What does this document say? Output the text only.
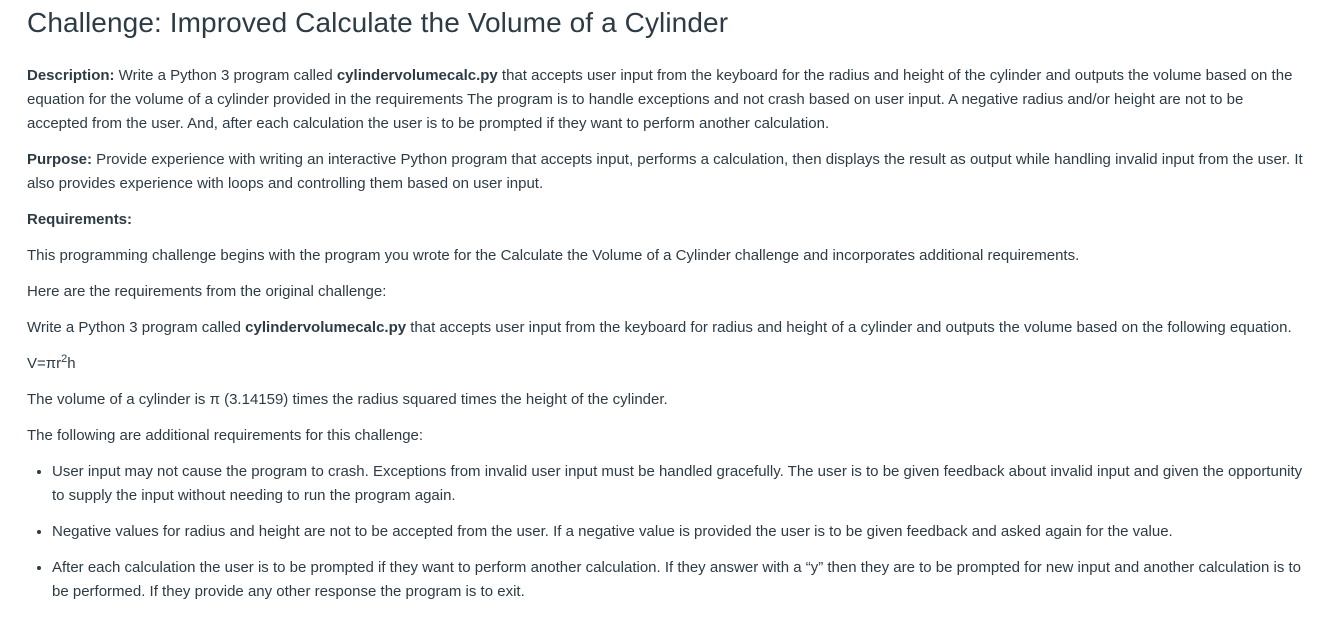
Challenge: Improved Calculate the Volume of a Cylinder

Description: Write a Python 3 program called cylindervolumecalc.py that accepts user input from the keyboard for the radius and height of the cylinder and outputs the volume based on the equation for the volume of a cylinder provided in the requirements The program is to handle exceptions and not crash based on user input. A negative radius and/or height are not to be accepted from the user. And, after each calculation the user is to be prompted if they want to perform another calculation.

Purpose: Provide experience with writing an interactive Python program that accepts input, performs a calculation, then displays the result as output while handling invalid input from the user. It also provides experience with loops and controlling them based on user input.

Requirements:

This programming challenge begins with the program you wrote for the Calculate the Volume of a Cylinder challenge and incorporates additional requirements.

Here are the requirements from the original challenge:

Write a Python 3 program called cylindervolumecalc.py that accepts user input from the keyboard for radius and height of a cylinder and outputs the volume based on the following equation.

$V=\pi r^2h$

The volume of a cylinder is π (3.14159) times the radius squared times the height of the cylinder.

The following are additional requirements for this challenge:

• User input may not cause the program to crash. Exceptions from invalid user input must be handled gracefully. The user is to be given feedback about invalid input and given the opportunity to supply the input without needing to run the program again.
• Negative values for radius and height are not to be accepted from the user. If a negative value is provided the user is to be given feedback and asked again for the value.
• After each calculation the user is to be prompted if they want to perform another calculation. If they answer with a “y” then they are to be prompted for new input and another calculation is to be performed. If they provide any other response the program is to exit.
